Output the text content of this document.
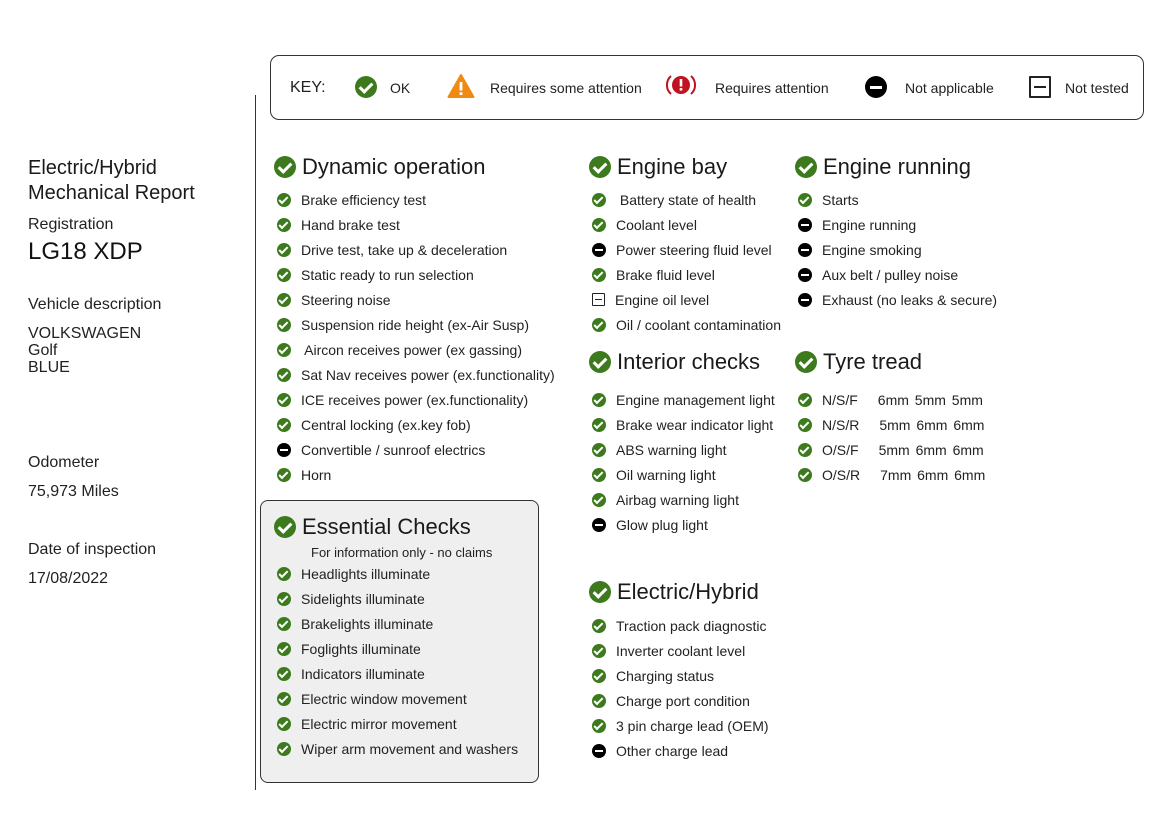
KEY:	OK	Requires some attention	Requires attention	Not applicable	Not tested
Electric/Hybrid
Mechanical Report
Registration
LG18 XDP
Vehicle description
VOLKSWAGEN
Golf
BLUE
Odometer
75,973 Miles
Date of inspection
17/08/2022
Dynamic operation
Brake efficiency test
Hand brake test
Drive test, take up & deceleration
Static ready to run selection
Steering noise
Suspension ride height (ex-Air Susp)
Aircon receives power (ex gassing)
Sat Nav receives power (ex.functionality)
ICE receives power (ex.functionality)
Central locking (ex.key fob)
Convertible / sunroof electrics
Horn
Engine bay
Battery state of health
Coolant level
Power steering fluid level
Brake fluid level
Engine oil level
Oil / coolant contamination
Engine running
Starts
Engine running
Engine smoking
Aux belt / pulley noise
Exhaust (no leaks & secure)
Interior checks
Engine management light
Brake wear indicator light
ABS warning light
Oil warning light
Airbag warning light
Glow plug light
Tyre tread
N/S/F 6mm 5mm 5mm
N/S/R 5mm 6mm 6mm
O/S/F 5mm 6mm 6mm
O/S/R 7mm 6mm 6mm
Essential Checks
For information only - no claims
Headlights illuminate
Sidelights illuminate
Brakelights illuminate
Foglights illuminate
Indicators illuminate
Electric window movement
Electric mirror movement
Wiper arm movement and washers
Electric/Hybrid
Traction pack diagnostic
Inverter coolant level
Charging status
Charge port condition
3 pin charge lead (OEM)
Other charge lead
